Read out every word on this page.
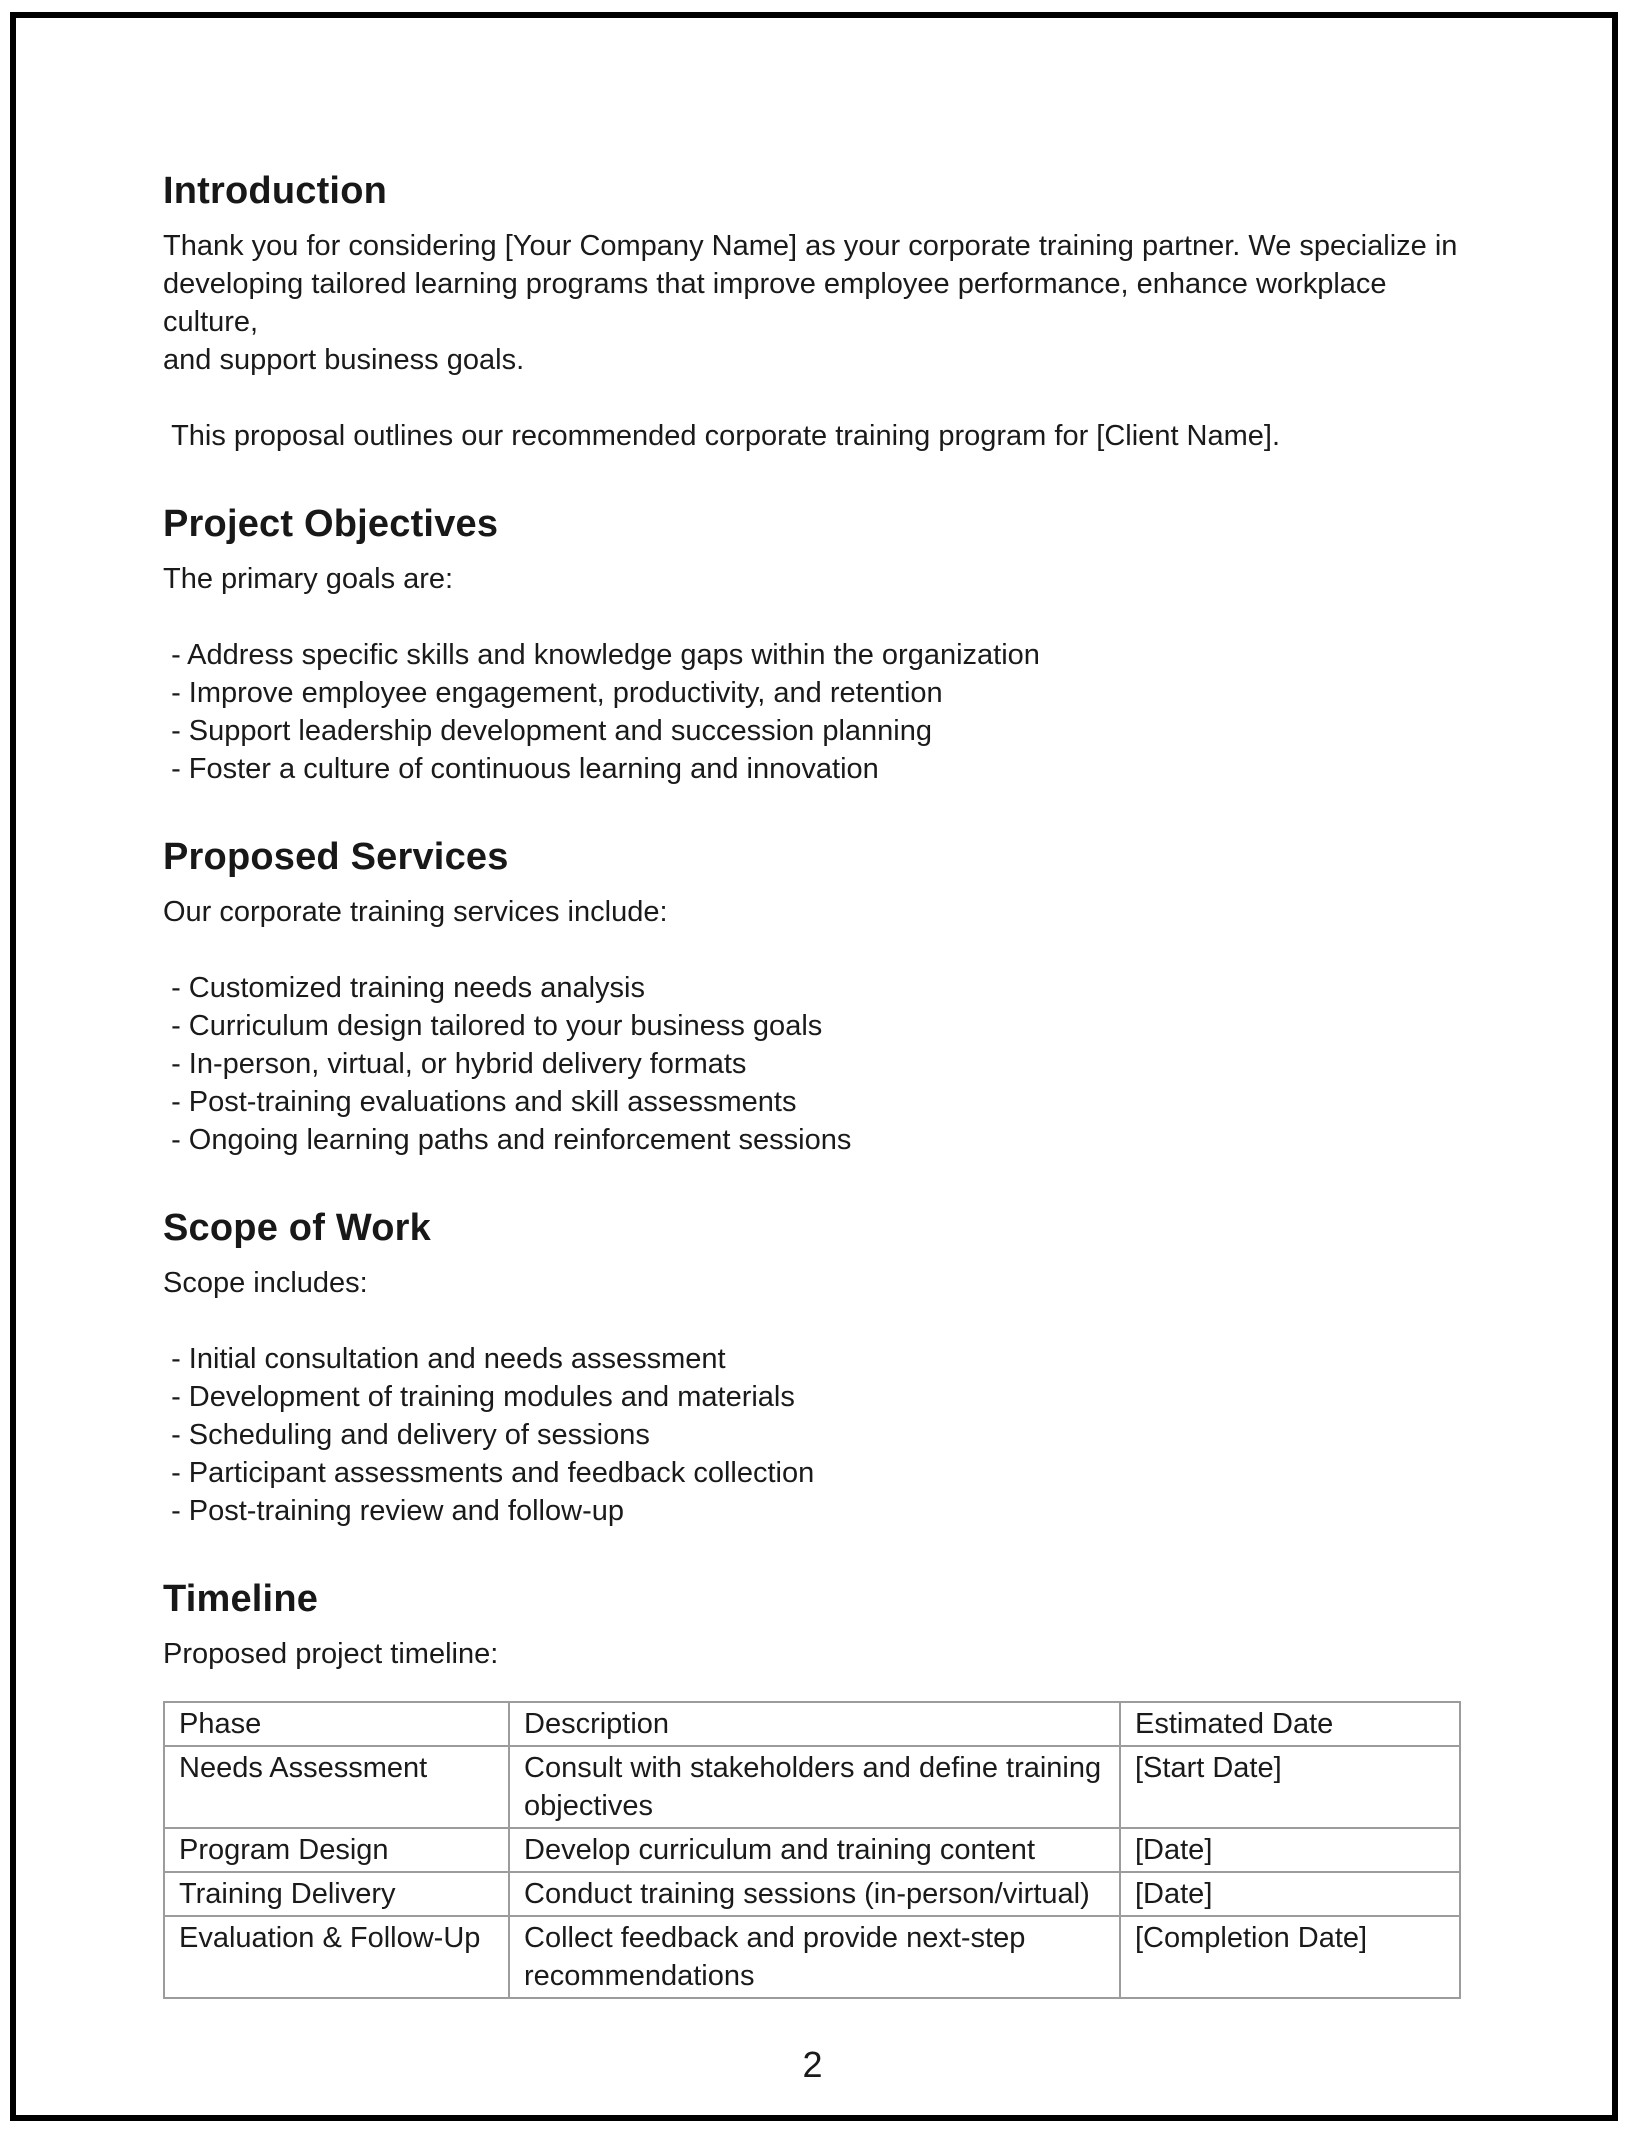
Introduction
Thank you for considering [Your Company Name] as your corporate training partner. We specialize in
developing tailored learning programs that improve employee performance, enhance workplace culture,
and support business goals.
This proposal outlines our recommended corporate training program for [Client Name].
Project Objectives
The primary goals are:
- Address specific skills and knowledge gaps within the organization
- Improve employee engagement, productivity, and retention
- Support leadership development and succession planning
- Foster a culture of continuous learning and innovation
Proposed Services
Our corporate training services include:
- Customized training needs analysis
- Curriculum design tailored to your business goals
- In-person, virtual, or hybrid delivery formats
- Post-training evaluations and skill assessments
- Ongoing learning paths and reinforcement sessions
Scope of Work
Scope includes:
- Initial consultation and needs assessment
- Development of training modules and materials
- Scheduling and delivery of sessions
- Participant assessments and feedback collection
- Post-training review and follow-up
Timeline
Proposed project timeline:
Phase	Description	Estimated Date
Needs Assessment	Consult with stakeholders and define training objectives	[Start Date]
Program Design	Develop curriculum and training content	[Date]
Training Delivery	Conduct training sessions (in-person/virtual)	[Date]
Evaluation & Follow-Up	Collect feedback and provide next-step recommendations	[Completion Date]
2
